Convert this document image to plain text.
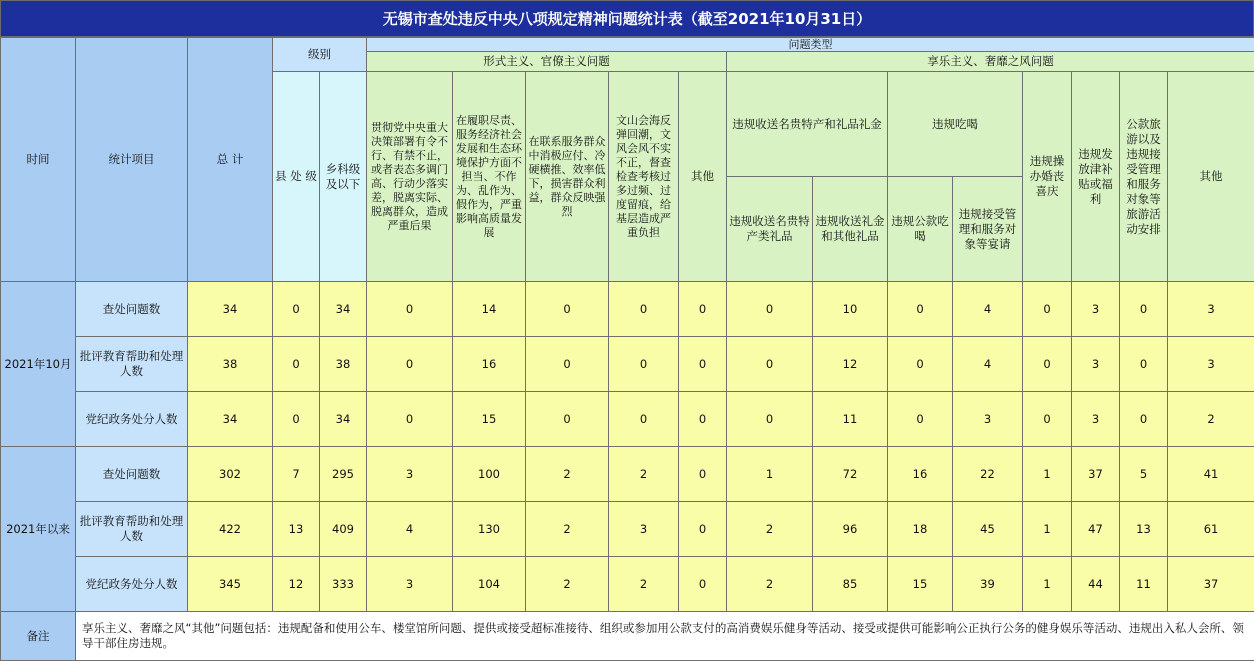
无锡市查处违反中央八项规定精神问题统计表（截至2021年10月31日）
时间	统计项目	总 计	级别		问题类型												
					形式主义、官僚主义问题					享乐主义、奢靡之风问题							
			县 处 级	乡科级及以下	贯彻党中央重大决策部署有令不行、有禁不止，或者表态多调门高、行动少落实差，脱离实际、脱离群众，造成严重后果	在履职尽责、服务经济社会发展和生态环境保护方面不担当、不作为、乱作为、假作为，严重影响高质量发展	在联系服务群众中消极应付、冷硬横推、效率低下，损害群众利益，群众反映强烈	文山会海反弹回潮，文风会风不实不正，督查检查考核过多过频、过度留痕，给基层造成严重负担	其他	违规收送名贵特产和礼品礼金		违规吃喝		违规操办婚丧喜庆	违规发放津补贴或福利	公款旅游以及违规接受管理和服务对象等旅游活动安排	其他
										违规收送名贵特产类礼品	违规收送礼金和其他礼品	违规公款吃喝	违规接受管理和服务对象等宴请				
2021年10月	查处问题数	34	0	34	0	14	0	0	0	0	10	0	4	0	3	0	3
	批评教育帮助和处理人数	38	0	38	0	16	0	0	0	0	12	0	4	0	3	0	3
	党纪政务处分人数	34	0	34	0	15	0	0	0	0	11	0	3	0	3	0	2
2021年以来	查处问题数	302	7	295	3	100	2	2	0	1	72	16	22	1	37	5	41
	批评教育帮助和处理人数	422	13	409	4	130	2	3	0	2	96	18	45	1	47	13	61
	党纪政务处分人数	345	12	333	3	104	2	2	0	2	85	15	39	1	44	11	37
备注	享乐主义、奢靡之风“其他”问题包括：违规配备和使用公车、楼堂馆所问题、提供或接受超标准接待、组织或参加用公款支付的高消费娱乐健身等活动、接受或提供可能影响公正执行公务的健身娱乐等活动、违规出入私人会所、领导干部住房违规。																
